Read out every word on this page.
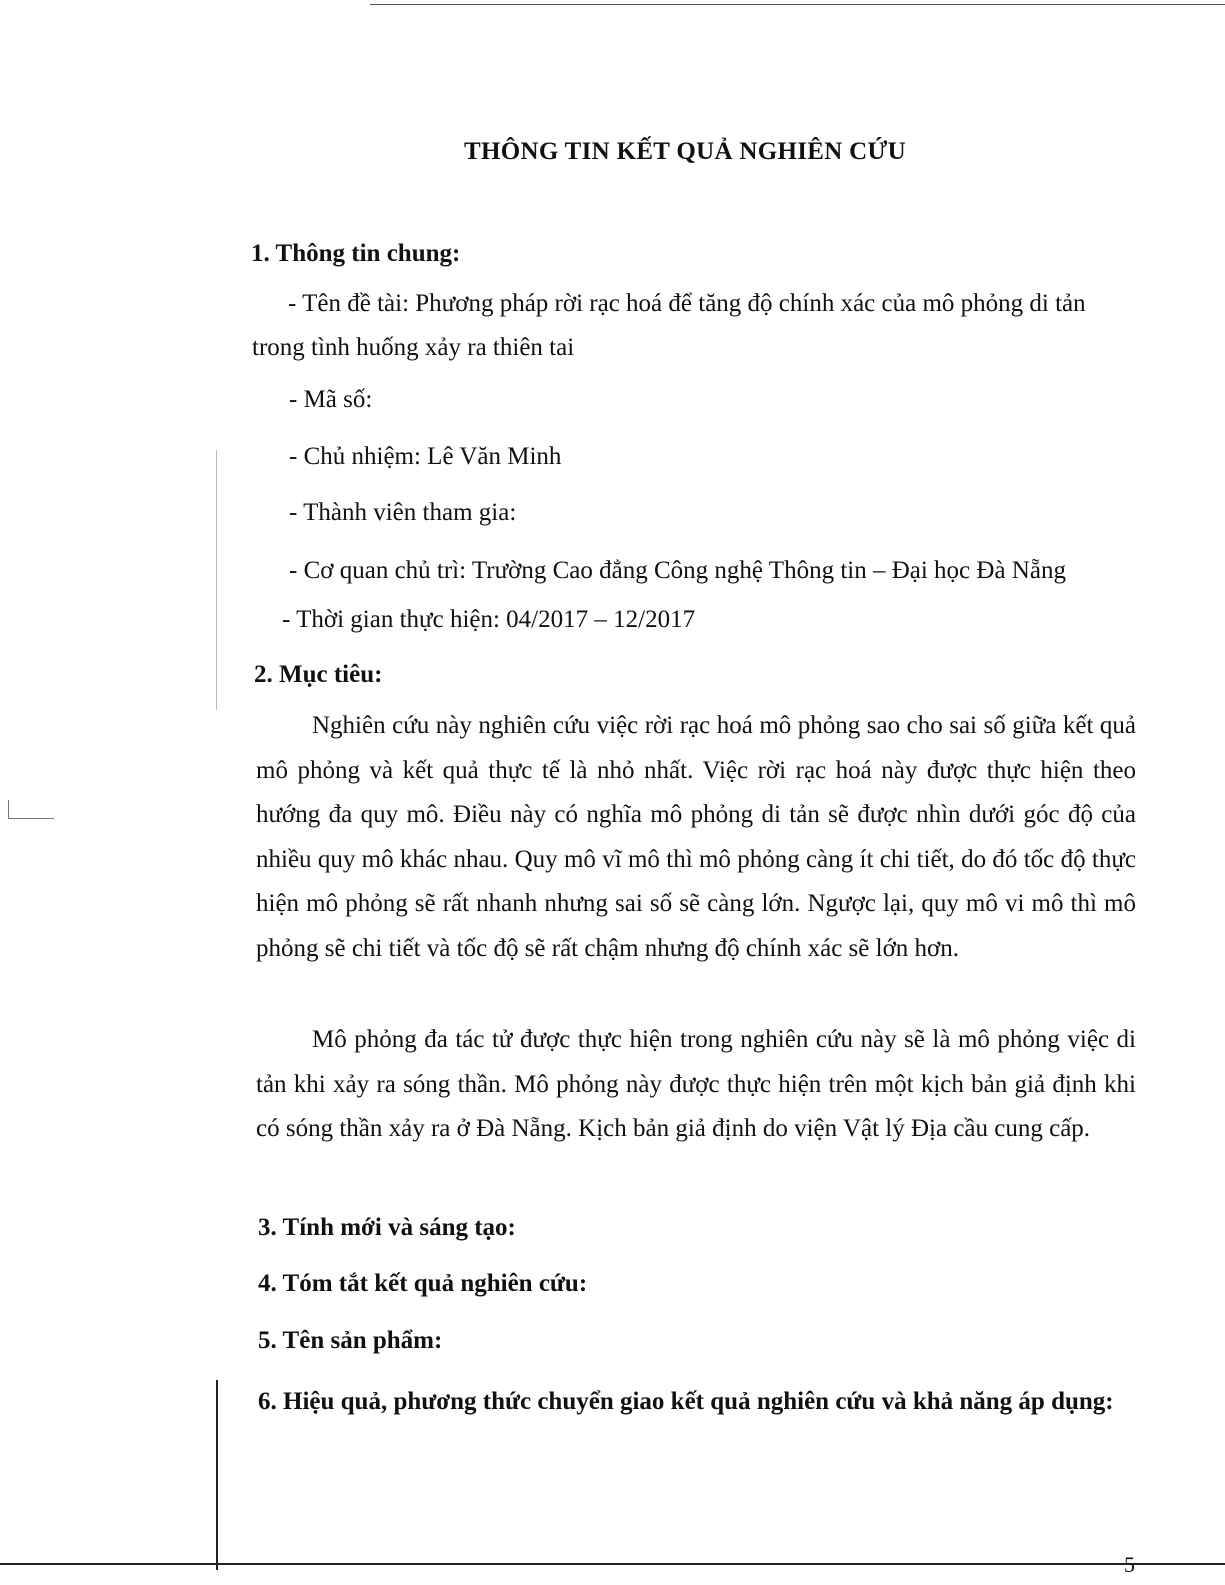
THÔNG TIN KẾT QUẢ NGHIÊN CỨU
1. Thông tin chung:
- Tên đề tài: Phương pháp rời rạc hoá để tăng độ chính xác của mô phỏng di tản trong tình huống xảy ra thiên tai
- Mã số:
- Chủ nhiệm: Lê Văn Minh
- Thành viên tham gia:
- Cơ quan chủ trì: Trường Cao đẳng Công nghệ Thông tin – Đại học Đà Nẵng
- Thời gian thực hiện: 04/2017 – 12/2017
2. Mục tiêu:
Nghiên cứu này nghiên cứu việc rời rạc hoá mô phỏng sao cho sai số giữa kết quả mô phỏng và kết quả thực tế là nhỏ nhất. Việc rời rạc hoá này được thực hiện theo hướng đa quy mô. Điều này có nghĩa mô phỏng di tản sẽ được nhìn dưới góc độ của nhiều quy mô khác nhau. Quy mô vĩ mô thì mô phỏng càng ít chi tiết, do đó tốc độ thực hiện mô phỏng sẽ rất nhanh nhưng sai số sẽ càng lớn. Ngược lại, quy mô vi mô thì mô phỏng sẽ chi tiết và tốc độ sẽ rất chậm nhưng độ chính xác sẽ lớn hơn.
Mô phỏng đa tác tử được thực hiện trong nghiên cứu này sẽ là mô phỏng việc di tản khi xảy ra sóng thần. Mô phỏng này được thực hiện trên một kịch bản giả định khi có sóng thần xảy ra ở Đà Nẵng. Kịch bản giả định do viện Vật lý Địa cầu cung cấp.
3. Tính mới và sáng tạo:
4. Tóm tắt kết quả nghiên cứu:
5. Tên sản phẩm:
6. Hiệu quả, phương thức chuyển giao kết quả nghiên cứu và khả năng áp dụng:
5
